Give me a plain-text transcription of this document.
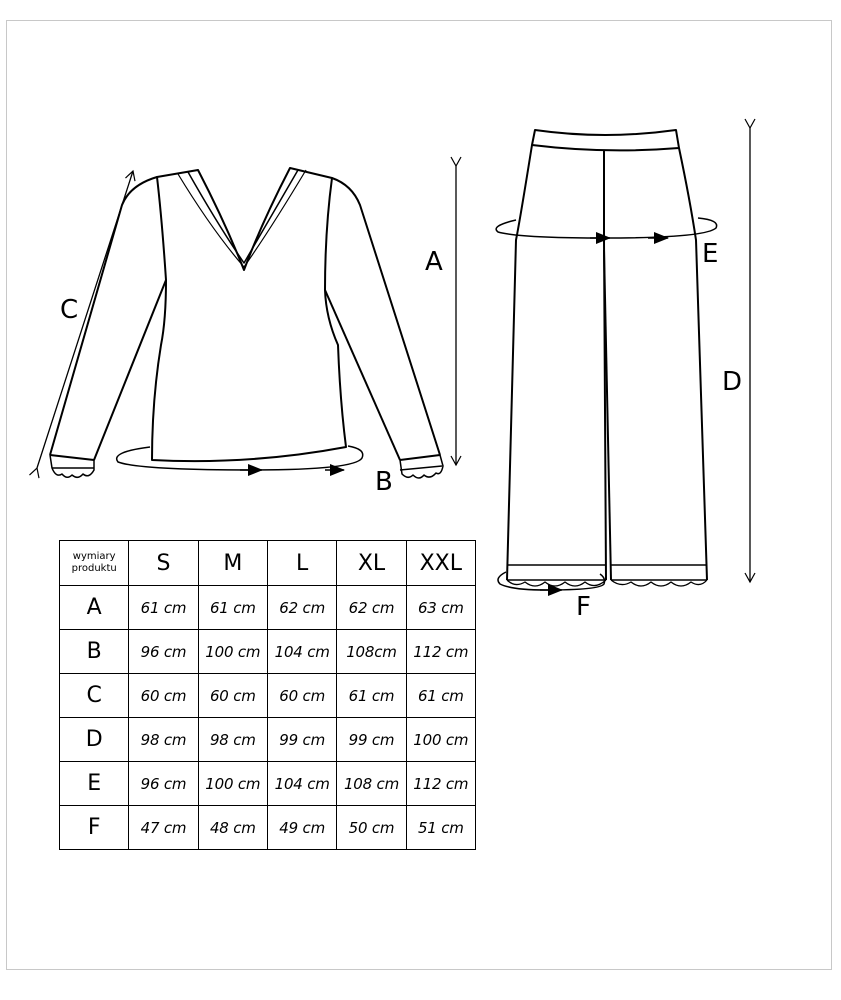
A
B
C
D
E
F
wymiary
produktu	S	M	L	XL	XXL
A	61 cm	61 cm	62 cm	62 cm	63 cm
B	96 cm	100 cm	104 cm	108cm	112 cm
C	60 cm	60 cm	60 cm	61 cm	61 cm
D	98 cm	98 cm	99 cm	99 cm	100 cm
E	96 cm	100 cm	104 cm	108 cm	112 cm
F	47 cm	48 cm	49 cm	50 cm	51 cm
